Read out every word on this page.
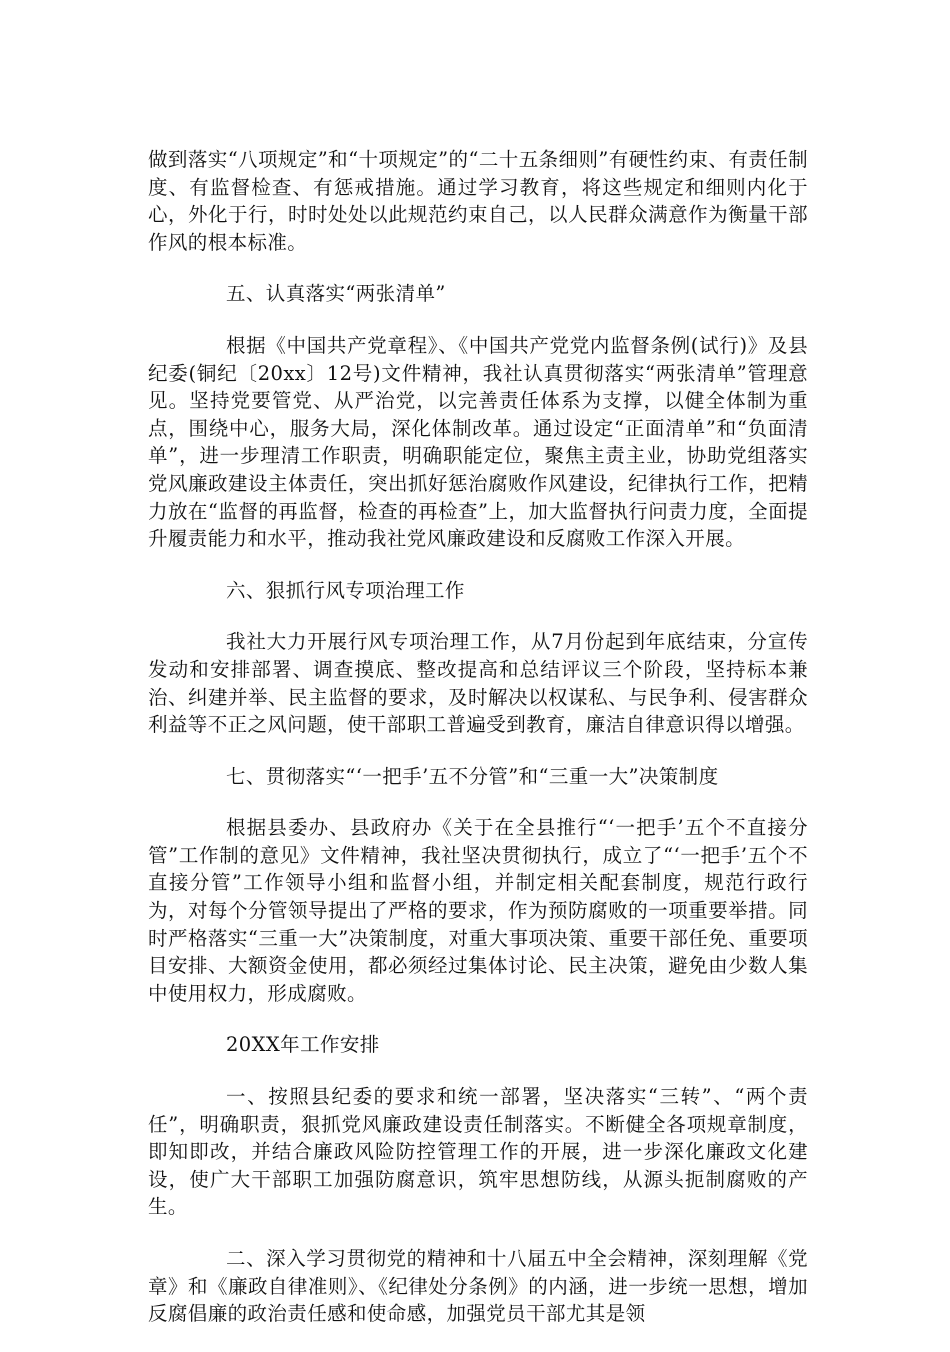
做到落实“八项规定”和“十项规定”的“二十五条细则”有硬性约束、有责任制度、有监督检查、有惩戒措施。通过学习教育，将这些规定和细则内化于心，外化于行，时时处处以此规范约束自己，以人民群众满意作为衡量干部作风的根本标准。

五、认真落实“两张清单”

根据《中国共产党章程》、《中国共产党党内监督条例(试行)》及县纪委(铜纪〔20xx〕12号)文件精神，我社认真贯彻落实“两张清单”管理意见。坚持党要管党、从严治党，以完善责任体系为支撑，以健全体制为重点，围绕中心，服务大局，深化体制改革。通过设定“正面清单”和“负面清单”，进一步理清工作职责，明确职能定位，聚焦主责主业，协助党组落实党风廉政建设主体责任，突出抓好惩治腐败作风建设，纪律执行工作，把精力放在“监督的再监督，检查的再检查”上，加大监督执行问责力度，全面提升履责能力和水平，推动我社党风廉政建设和反腐败工作深入开展。

六、狠抓行风专项治理工作

我社大力开展行风专项治理工作，从7月份起到年底结束，分宣传发动和安排部署、调查摸底、整改提高和总结评议三个阶段，坚持标本兼治、纠建并举、民主监督的要求，及时解决以权谋私、与民争利、侵害群众利益等不正之风问题，使干部职工普遍受到教育，廉洁自律意识得以增强。

七、贯彻落实“‘一把手’五不分管”和“三重一大”决策制度

根据县委办、县政府办《关于在全县推行“‘一把手’五个不直接分管”工作制的意见》文件精神，我社坚决贯彻执行，成立了“‘一把手’五个不直接分管”工作领导小组和监督小组，并制定相关配套制度，规范行政行为，对每个分管领导提出了严格的要求，作为预防腐败的一项重要举措。同时严格落实“三重一大”决策制度，对重大事项决策、重要干部任免、重要项目安排、大额资金使用，都必须经过集体讨论、民主决策，避免由少数人集中使用权力，形成腐败。

20XX年工作安排

一、按照县纪委的要求和统一部署，坚决落实“三转”、“两个责任”，明确职责，狠抓党风廉政建设责任制落实。不断健全各项规章制度，即知即改，并结合廉政风险防控管理工作的开展，进一步深化廉政文化建设，使广大干部职工加强防腐意识，筑牢思想防线，从源头扼制腐败的产生。

二、深入学习贯彻党的精神和十八届五中全会精神，深刻理解《党章》和《廉政自律准则》、《纪律处分条例》的内涵，进一步统一思想，增加反腐倡廉的政治责任感和使命感，加强党员干部尤其是领
